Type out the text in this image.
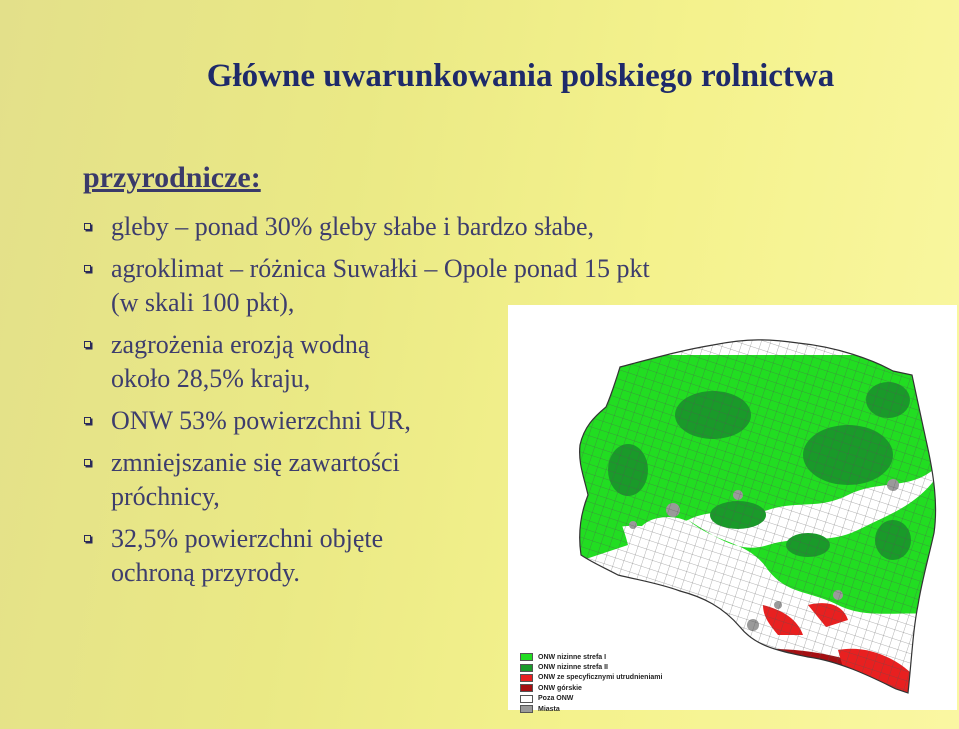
Główne uwarunkowania polskiego rolnictwa
przyrodnicze:
gleby – ponad 30% gleby słabe i bardzo słabe,
agroklimat – różnica Suwałki – Opole ponad 15 pkt
(w skali 100 pkt),
zagrożenia erozją wodną
około 28,5% kraju,
ONW 53% powierzchni UR,
zmniejszanie się zawartości
próchnicy,
32,5% powierzchni objęte
ochroną przyrody.
ONW nizinne strefa I
ONW nizinne strefa II
ONW ze specyficznymi utrudnieniami
ONW górskie
Poza ONW
Miasta
